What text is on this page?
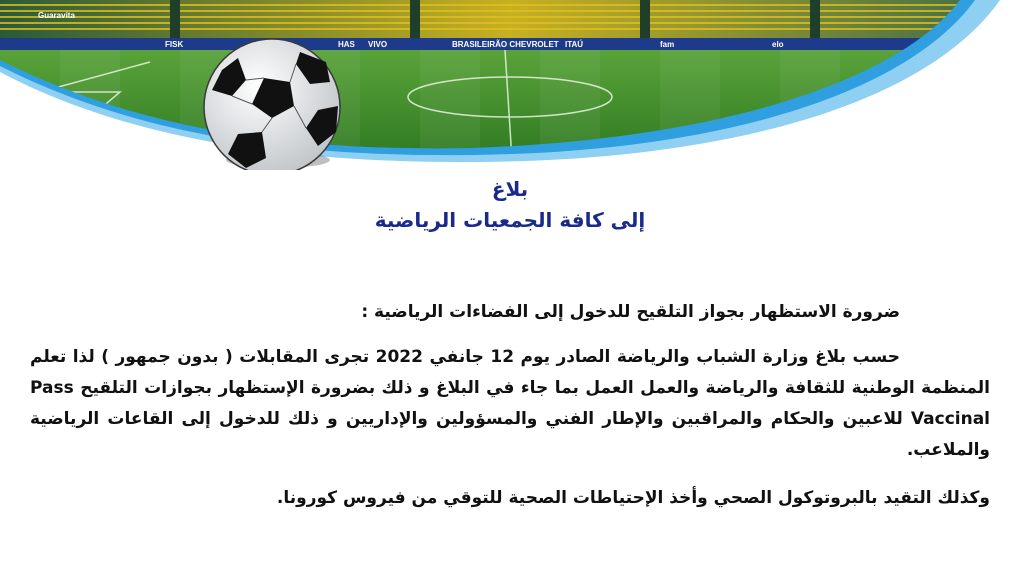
Guaravita
FISK	HAS VIVO	BRASILEIRÃO CHEVROLET ITAÚ	fam	elo

بلاغ

إلى كافة الجمعيات الرياضية

ضرورة الاستظهار بجواز التلقيح للدخول إلى الفضاءات الرياضية :

حسب بلاغ وزارة الشباب والرياضة الصادر يوم 12 جانفي 2022 تجرى المقابلات ( بدون جمهور ) لذا تعلم المنظمة الوطنية للثقافة والرياضة والعمل العمل بما جاء في البلاغ و ذلك بضرورة الإستظهار بجوازات التلقيح Pass Vaccinal للاعبين والحكام والمراقبين والإطار الفني والمسؤولين والإداريين و ذلك للدخول إلى القاعات الرياضية والملاعب.

وكذلك التقيد بالبروتوكول الصحي وأخذ الإحتياطات الصحية للتوقي من فيروس كورونا.
